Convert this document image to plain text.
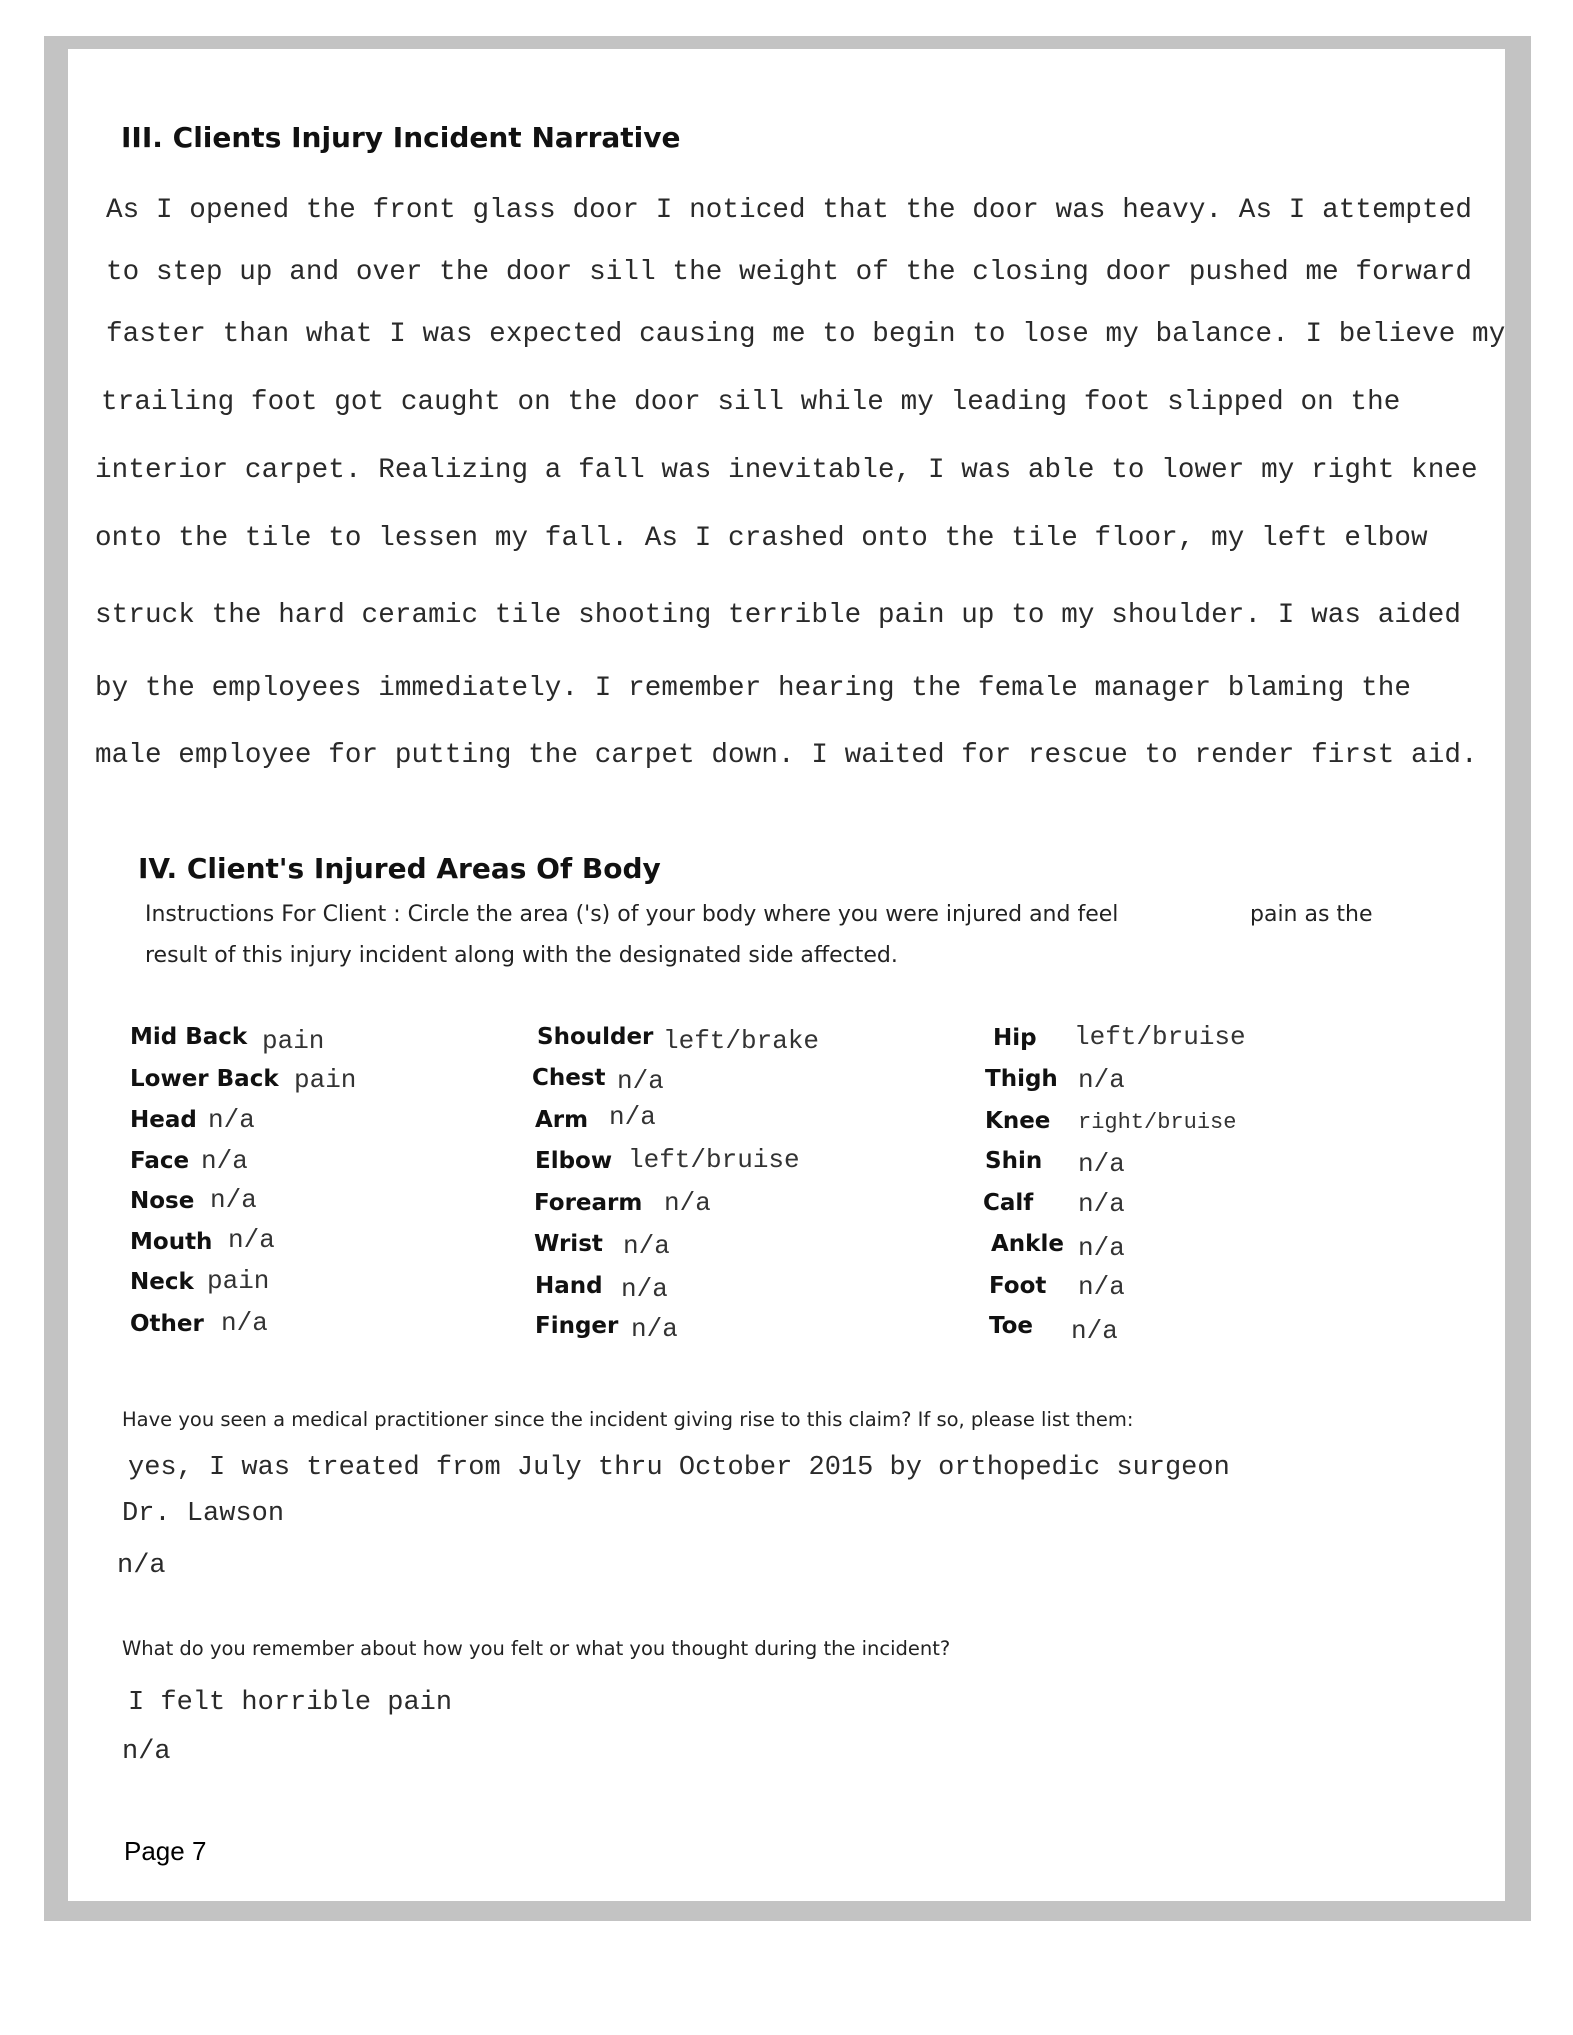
III. Clients Injury Incident Narrative
As I opened the front glass door I noticed that the door was heavy. As I attempted
to step up and over the door sill the weight of the closing door pushed me forward
faster than what I was expected causing me to begin to lose my balance. I believe my
trailing foot got caught on the door sill while my leading foot slipped on the
interior carpet. Realizing a fall was inevitable, I was able to lower my right knee
onto the tile to lessen my fall. As I crashed onto the tile floor, my left elbow
struck the hard ceramic tile shooting terrible pain up to my shoulder. I was aided
by the employees immediately. I remember hearing the female manager blaming the
male employee for putting the carpet down. I waited for rescue to render first aid.
IV. Client's Injured Areas Of Body
Instructions For Client : Circle the area ('s) of your body where you were injured and feel	pain as the
result of this injury incident along with the designated side affected.
Mid Back pain
Lower Back pain
Head n/a
Face n/a
Nose n/a
Mouth n/a
Neck pain
Other n/a
Shoulder left/brake
Chest n/a
Arm n/a
Elbow left/bruise
Forearm n/a
Wrist n/a
Hand n/a
Finger n/a
Hip left/bruise
Thigh n/a
Knee right/bruise
Shin n/a
Calf n/a
Ankle n/a
Foot n/a
Toe n/a
Have you seen a medical practitioner since the incident giving rise to this claim? If so, please list them:
yes, I was treated from July thru October 2015 by orthopedic surgeon
Dr. Lawson
n/a
What do you remember about how you felt or what you thought during the incident?
I felt horrible pain
n/a
Page 7
